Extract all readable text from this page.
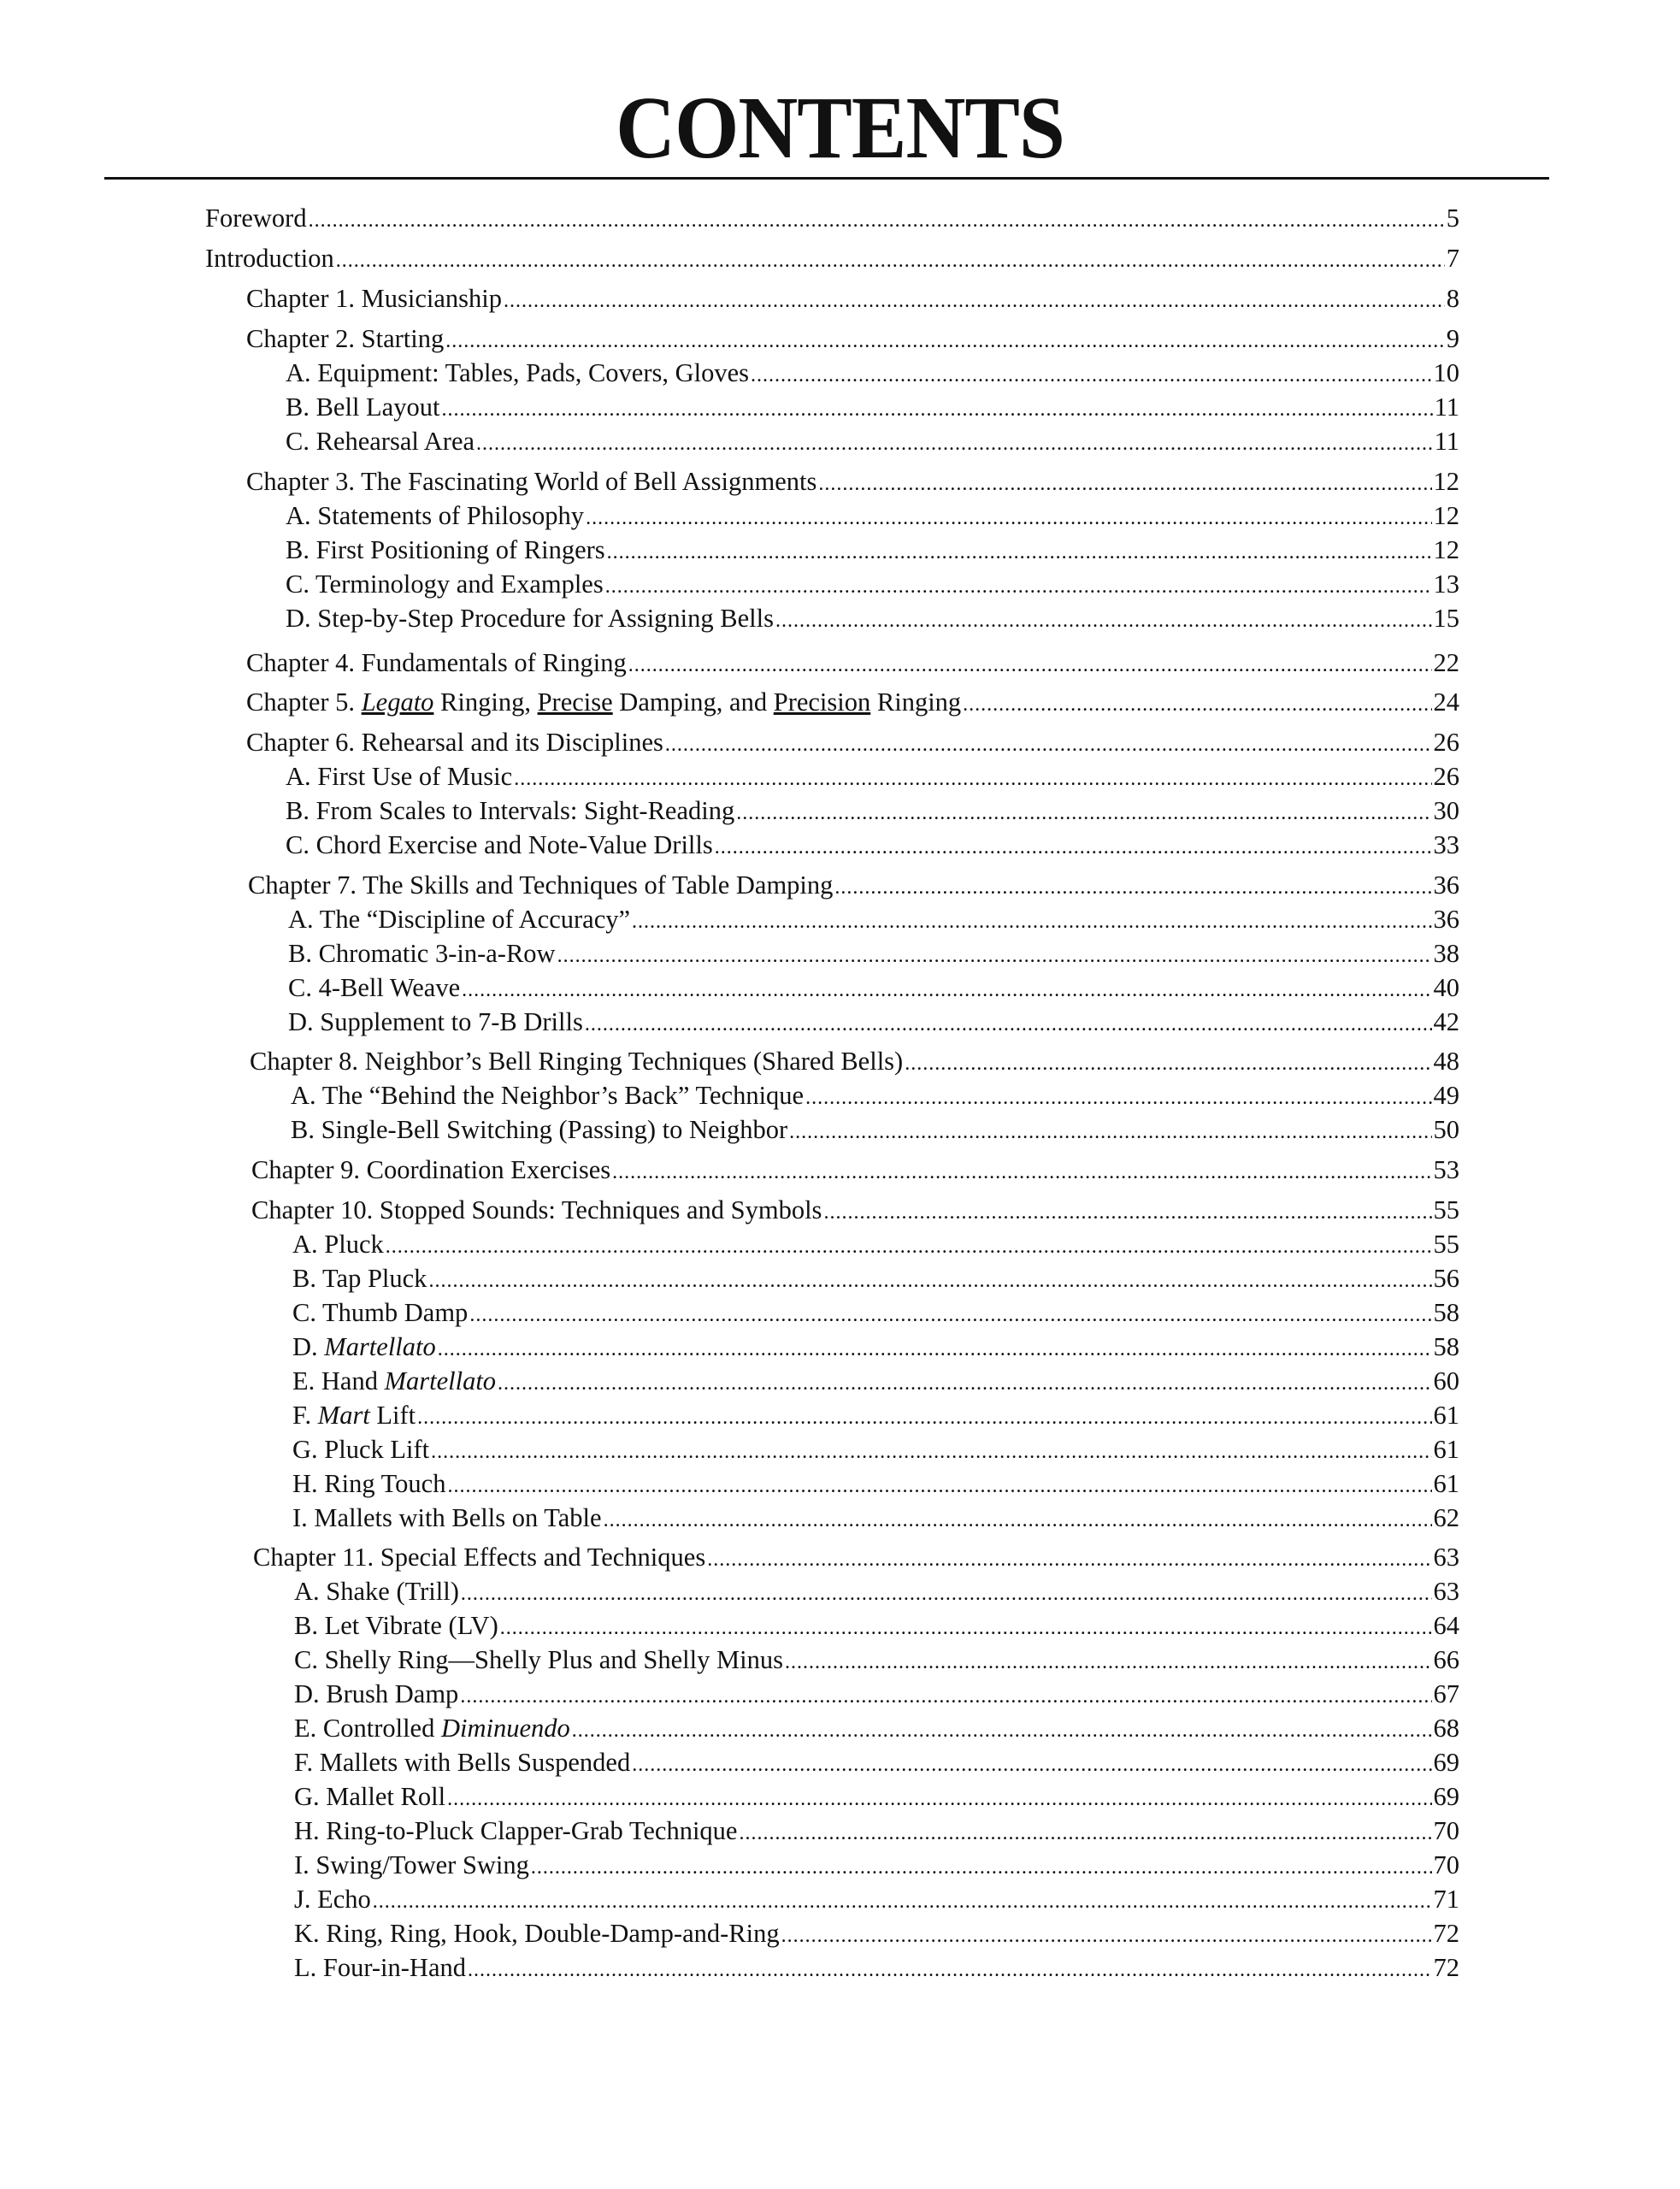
CONTENTS
Foreword .....	5
Introduction .....	7
Chapter 1. Musicianship .....	8
Chapter 2. Starting .....	9
A. Equipment: Tables, Pads, Covers, Gloves .....	10
B. Bell Layout .....	11
C. Rehearsal Area .....	11
Chapter 3. The Fascinating World of Bell Assignments .....	12
A. Statements of Philosophy .....	12
B. First Positioning of Ringers .....	12
C. Terminology and Examples .....	13
D. Step-by-Step Procedure for Assigning Bells .....	15
Chapter 4. Fundamentals of Ringing .....	22
Chapter 5. Legato Ringing, Precise Damping, and Precision Ringing .....	24
Chapter 6. Rehearsal and its Disciplines .....	26
A. First Use of Music .....	26
B. From Scales to Intervals: Sight-Reading .....	30
C. Chord Exercise and Note-Value Drills .....	33
Chapter 7. The Skills and Techniques of Table Damping .....	36
A. The “Discipline of Accuracy” .....	36
B. Chromatic 3-in-a-Row .....	38
C. 4-Bell Weave .....	40
D. Supplement to 7-B Drills .....	42
Chapter 8. Neighbor’s Bell Ringing Techniques (Shared Bells) .....	48
A. The “Behind the Neighbor’s Back” Technique .....	49
B. Single-Bell Switching (Passing) to Neighbor .....	50
Chapter 9. Coordination Exercises .....	53
Chapter 10. Stopped Sounds: Techniques and Symbols .....	55
A. Pluck .....	55
B. Tap Pluck .....	56
C. Thumb Damp .....	58
D. Martellato .....	58
E. Hand Martellato .....	60
F. Mart Lift .....	61
G. Pluck Lift .....	61
H. Ring Touch .....	61
I. Mallets with Bells on Table .....	62
Chapter 11. Special Effects and Techniques .....	63
A. Shake (Trill) .....	63
B. Let Vibrate (LV) .....	64
C. Shelly Ring—Shelly Plus and Shelly Minus .....	66
D. Brush Damp .....	67
E. Controlled Diminuendo .....	68
F. Mallets with Bells Suspended .....	69
G. Mallet Roll .....	69
H. Ring-to-Pluck Clapper-Grab Technique .....	70
I. Swing/Tower Swing .....	70
J. Echo .....	71
K. Ring, Ring, Hook, Double-Damp-and-Ring .....	72
L. Four-in-Hand .....	72
